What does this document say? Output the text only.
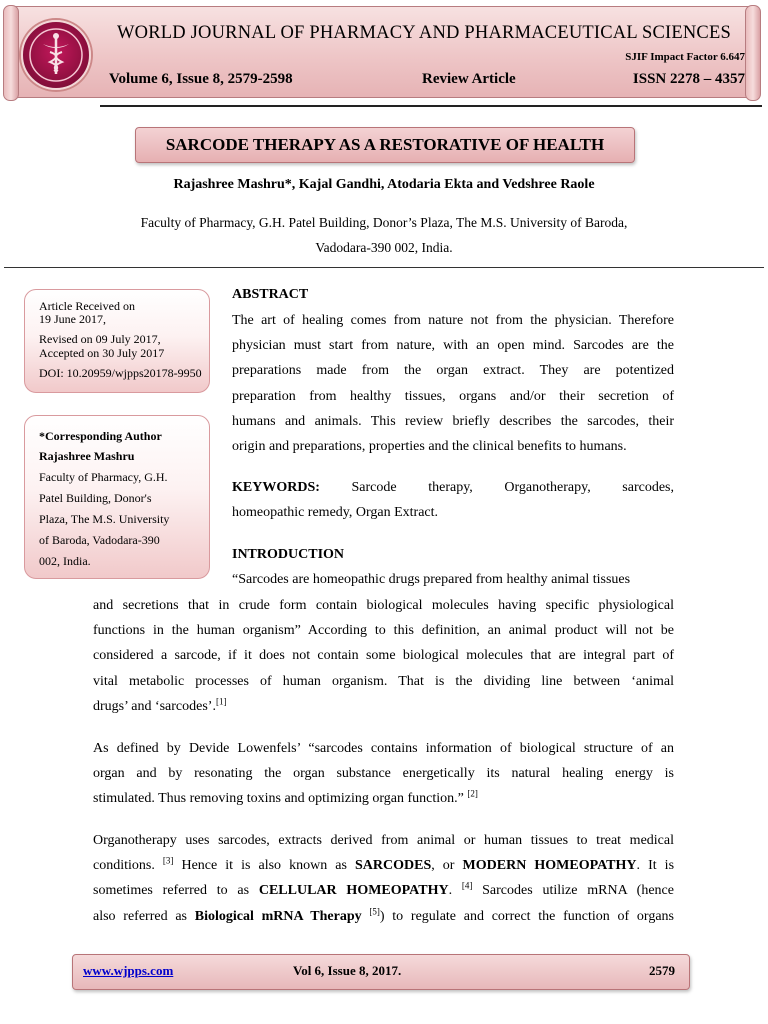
WORLD JOURNAL OF PHARMACY AND PHARMACEUTICAL SCIENCES
SJIF Impact Factor 6.647
Volume 6, Issue 8, 2579-2598	Review Article	ISSN 2278 – 4357
SARCODE THERAPY AS A RESTORATIVE OF HEALTH
Rajashree Mashru*, Kajal Gandhi, Atodaria Ekta and Vedshree Raole
Faculty of Pharmacy, G.H. Patel Building, Donor’s Plaza, The M.S. University of Baroda,
Vadodara-390 002, India.
Article Received on
19 June 2017,
Revised on 09 July 2017,
Accepted on 30 July 2017
DOI: 10.20959/wjpps20178-9950
*Corresponding Author
Rajashree Mashru
Faculty of Pharmacy, G.H.
Patel Building, Donor's
Plaza, The M.S. University
of Baroda, Vadodara-390
002, India.
ABSTRACT
The art of healing comes from nature not from the physician. Therefore
physician must start from nature, with an open mind. Sarcodes are the
preparations made from the organ extract. They are potentized
preparation from healthy tissues, organs and/or their secretion of
humans and animals. This review briefly describes the sarcodes, their
origin and preparations, properties and the clinical benefits to humans.
KEYWORDS: Sarcode therapy, Organotherapy, sarcodes,
homeopathic remedy, Organ Extract.
INTRODUCTION
“Sarcodes are homeopathic drugs prepared from healthy animal tissues
and secretions that in crude form contain biological molecules having specific physiological
functions in the human organism” According to this definition, an animal product will not be
considered a sarcode, if it does not contain some biological molecules that are integral part of
vital metabolic processes of human organism. That is the dividing line between ‘animal
drugs’ and ‘sarcodes’.[1]
As defined by Devide Lowenfels’ “sarcodes contains information of biological structure of an
organ and by resonating the organ substance energetically its natural healing energy is
stimulated. Thus removing toxins and optimizing organ function.” [2]
Organotherapy uses sarcodes, extracts derived from animal or human tissues to treat medical
conditions. [3] Hence it is also known as SARCODES, or MODERN HOMEOPATHY. It is
sometimes referred to as CELLULAR HOMEOPATHY. [4] Sarcodes utilize mRNA (hence
also referred as Biological mRNA Therapy [5]) to regulate and correct the function of organs
www.wjpps.com	Vol 6, Issue 8, 2017.	2579
